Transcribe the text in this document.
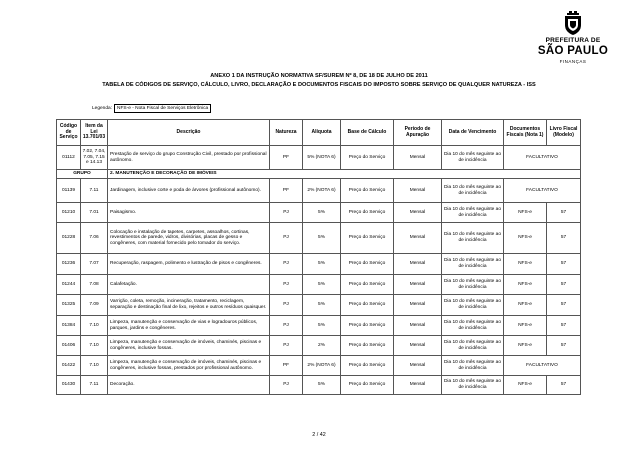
PREFEITURA DE
SÃO PAULO
FINANÇAS
ANEXO 1 DA INSTRUÇÃO NORMATIVA SF/SUREM Nº 8, DE 18 DE JULHO DE 2011
TABELA DE CÓDIGOS DE SERVIÇO, CÁLCULO, LIVRO, DECLARAÇÃO E DOCUMENTOS FISCAIS DO IMPOSTO SOBRE SERVIÇO DE QUALQUER NATUREZA - ISS
Legenda:	NFS-e - Nota Fiscal de Serviços Eletrônica
Código de Serviço	Item da Lei 13.701/03	Descrição	Natureza	Alíquota	Base de Cálculo	Período de Apuração	Data de Vencimento	Documentos Fiscais (Nota 1)	Livro Fiscal (Modelo)
01112	7.02, 7.04, 7.05, 7.15 e 14.13	Prestação de serviço do grupo Construção Civil, prestado por profissional autônomo.	PF	5% (NOTA 6)	Preço do Serviço	Mensal	Dia 10 do mês seguinte ao de incidência	FACULTATIVO	
GRUPO		2. MANUTENÇÃO E DECORAÇÃO DE IMÓVEIS							
01139	7.11	Jardinagem, inclusive corte e poda de árvores (profissional autônomo).	PF	2% (NOTA 6)	Preço do Serviço	Mensal	Dia 10 do mês seguinte ao de incidência	FACULTATIVO	
01210	7.01	Paisagismo.	PJ	5%	Preço do Serviço	Mensal	Dia 10 do mês seguinte ao de incidência	NFS-e	57
01228	7.06	Colocação e instalação de tapetes, carpetes, assoalhos, cortinas, revestimentos de parede, vidros, divisórias, placas de gesso e congêneres, com material fornecido pelo tomador do serviço.	PJ	5%	Preço do Serviço	Mensal	Dia 10 do mês seguinte ao de incidência	NFS-e	57
01236	7.07	Recuperação, raspagem, polimento e lustração de pisos e congêneres.	PJ	5%	Preço do Serviço	Mensal	Dia 10 do mês seguinte ao de incidência	NFS-e	57
01244	7.08	Calafetação.	PJ	5%	Preço do Serviço	Mensal	Dia 10 do mês seguinte ao de incidência	NFS-e	57
01325	7.09	Varrição, coleta, remoção, incineração, tratamento, reciclagem, separação e destinação final de lixo, rejeitos e outros resíduos quaisquer.	PJ	5%	Preço do Serviço	Mensal	Dia 10 do mês seguinte ao de incidência	NFS-e	57
01384	7.10	Limpeza, manutenção e conservação de vias e logradouros públicos, parques, jardins e congêneres.	PJ	5%	Preço do Serviço	Mensal	Dia 10 do mês seguinte ao de incidência	NFS-e	57
01406	7.10	Limpeza, manutenção e conservação de imóveis, chaminés, piscinas e congêneres, inclusive fossas.	PJ	2%	Preço do Serviço	Mensal	Dia 10 do mês seguinte ao de incidência	NFS-e	57
01422	7.10	Limpeza, manutenção e conservação de imóveis, chaminés, piscinas e congêneres, inclusive fossas, prestados por profissional autônomo.	PF	2% (NOTA 6)	Preço do Serviço	Mensal	Dia 10 do mês seguinte ao de incidência	FACULTATIVO	
01430	7.11	Decoração.	PJ	5%	Preço do Serviço	Mensal	Dia 10 do mês seguinte ao de incidência	NFS-e	57
2 / 42
